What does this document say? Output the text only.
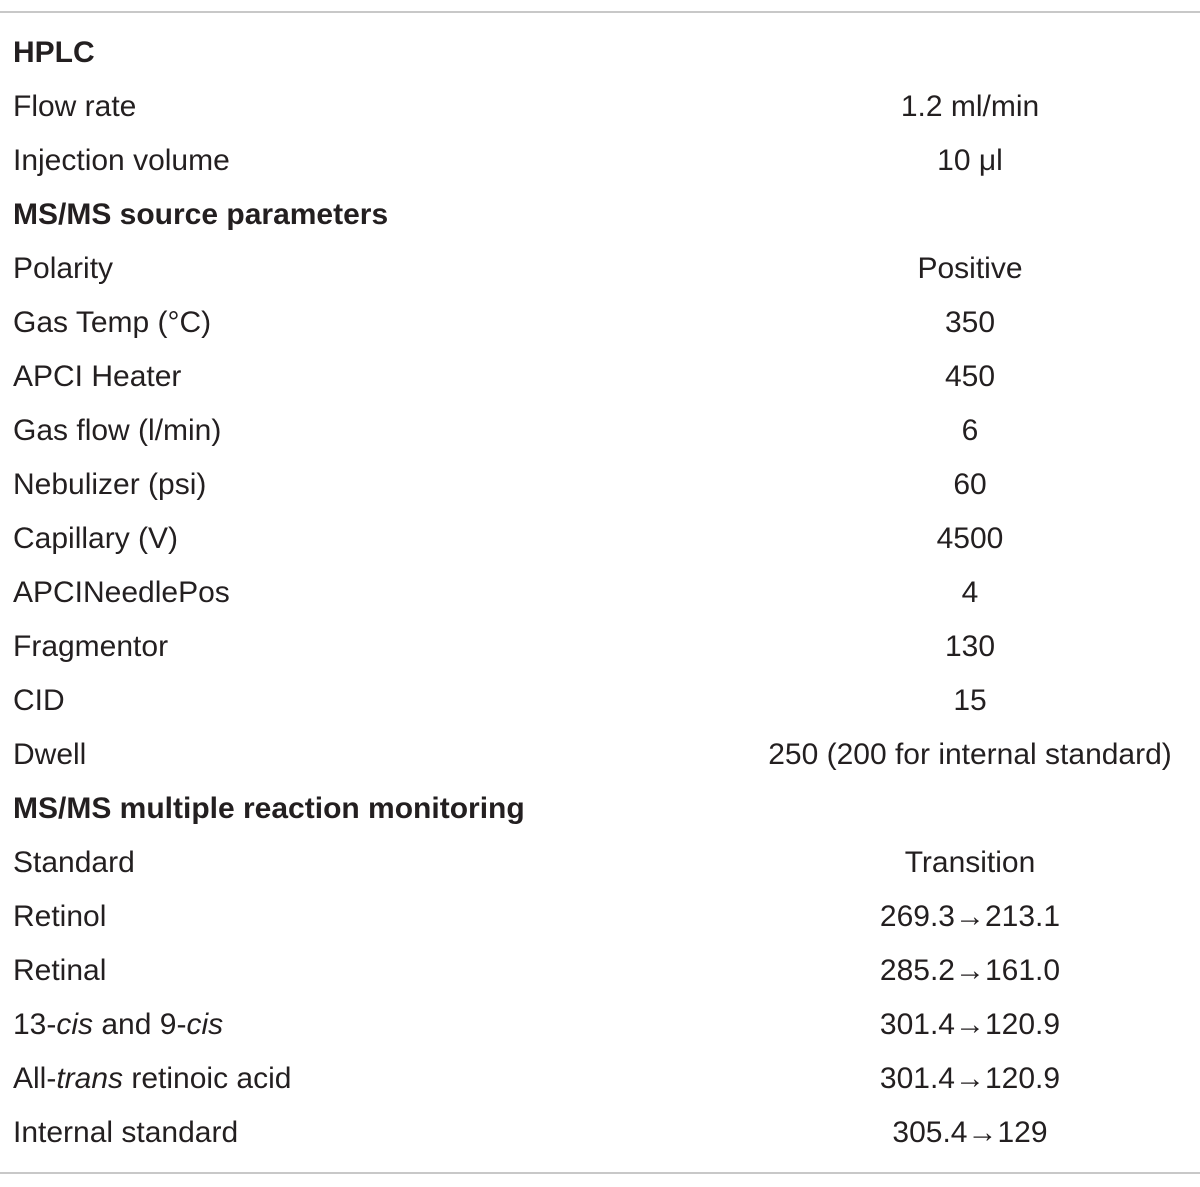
HPLC
Flow rate	1.2 ml/min
Injection volume	10 μl
MS/MS source parameters
Polarity	Positive
Gas Temp (°C)	350
APCI Heater	450
Gas flow (l/min)	6
Nebulizer (psi)	60
Capillary (V)	4500
APCINeedlePos	4
Fragmentor	130
CID	15
Dwell	250 (200 for internal standard)
MS/MS multiple reaction monitoring
Standard	Transition
Retinol	269.3→213.1
Retinal	285.2→161.0
13-cis and 9-cis	301.4→120.9
All-trans retinoic acid	301.4→120.9
Internal standard	305.4→129
